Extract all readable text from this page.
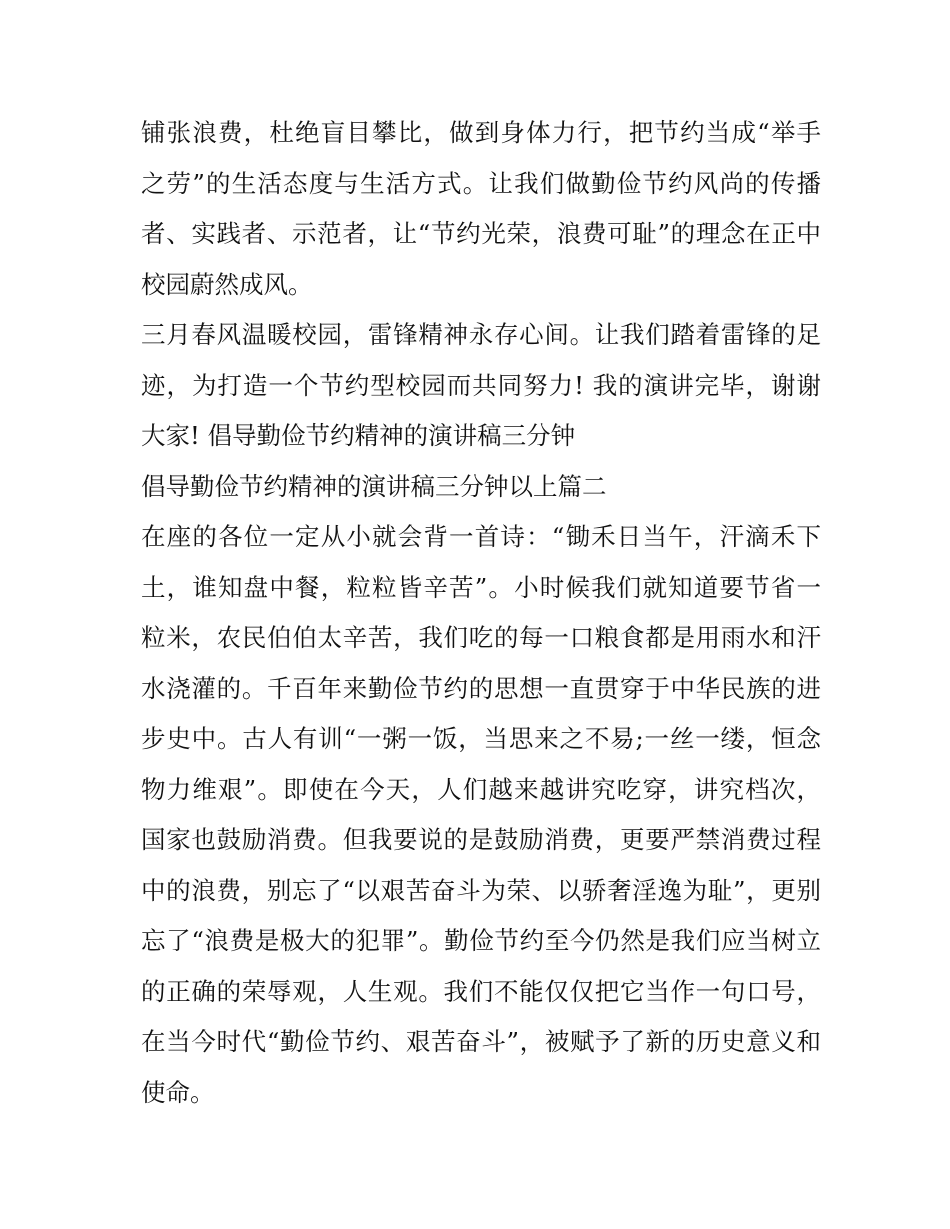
铺张浪费，杜绝盲目攀比，做到身体力行，把节约当成“举手
之劳”的生活态度与生活方式。让我们做勤俭节约风尚的传播
者、实践者、示范者，让“节约光荣，浪费可耻”的理念在正中
校园蔚然成风。
三月春风温暖校园，雷锋精神永存心间。让我们踏着雷锋的足
迹，为打造一个节约型校园而共同努力! 我的演讲完毕，谢谢
大家! 倡导勤俭节约精神的演讲稿三分钟
倡导勤俭节约精神的演讲稿三分钟以上篇二
在座的各位一定从小就会背一首诗：“锄禾日当午，汗滴禾下
土，谁知盘中餐，粒粒皆辛苦”。小时候我们就知道要节省一
粒米，农民伯伯太辛苦，我们吃的每一口粮食都是用雨水和汗
水浇灌的。千百年来勤俭节约的思想一直贯穿于中华民族的进
步史中。古人有训“一粥一饭，当思来之不易;一丝一缕，恒念
物力维艰”。即使在今天，人们越来越讲究吃穿，讲究档次，
国家也鼓励消费。但我要说的是鼓励消费，更要严禁消费过程
中的浪费，别忘了“以艰苦奋斗为荣、以骄奢淫逸为耻”，更别
忘了“浪费是极大的犯罪”。勤俭节约至今仍然是我们应当树立
的正确的荣辱观，人生观。我们不能仅仅把它当作一句口号，
在当今时代“勤俭节约、艰苦奋斗”，被赋予了新的历史意义和
使命。
